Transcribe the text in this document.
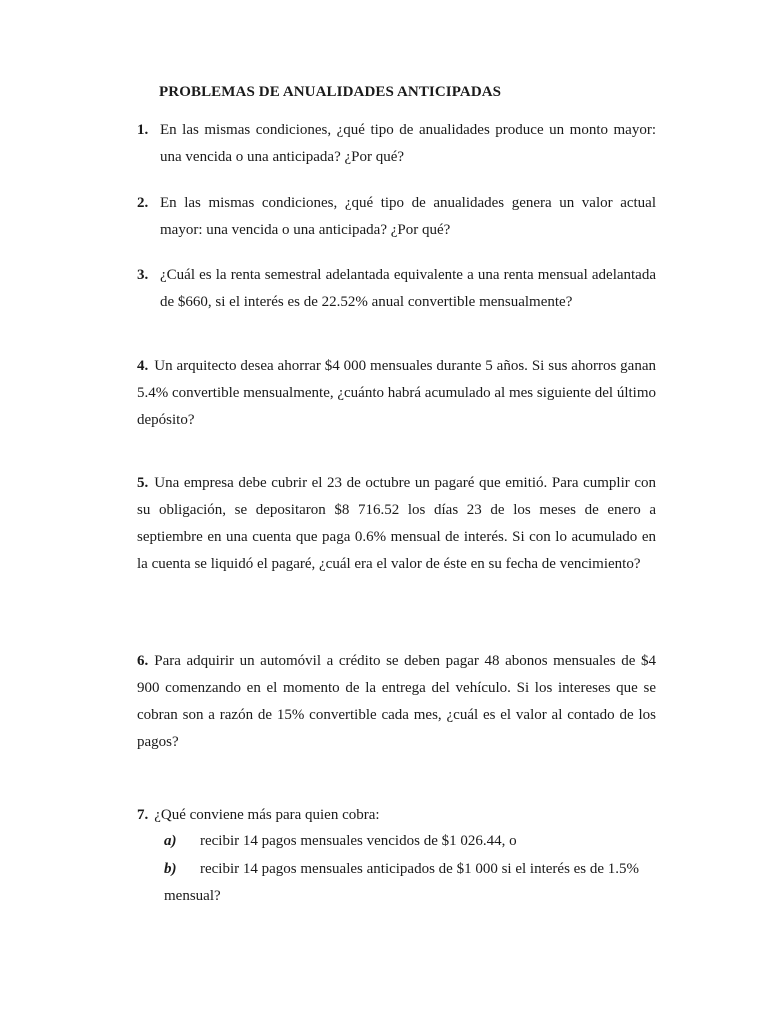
PROBLEMAS DE ANUALIDADES ANTICIPADAS
1. En las mismas condiciones, ¿qué tipo de anualidades produce un monto mayor: una vencida o una anticipada? ¿Por qué?
2. En las mismas condiciones, ¿qué tipo de anualidades genera un valor actual mayor: una vencida o una anticipada? ¿Por qué?
3. ¿Cuál es la renta semestral adelantada equivalente a una renta mensual adelantada de $660, si el interés es de 22.52% anual convertible mensualmente?
4. Un arquitecto desea ahorrar $4 000 mensuales durante 5 años. Si sus ahorros ganan 5.4% convertible mensualmente, ¿cuánto habrá acumulado al mes siguiente del último depósito?
5. Una empresa debe cubrir el 23 de octubre un pagaré que emitió. Para cumplir con su obligación, se depositaron $8 716.52 los días 23 de los meses de enero a septiembre en una cuenta que paga 0.6% mensual de interés. Si con lo acumulado en la cuenta se liquidó el pagaré, ¿cuál era el valor de éste en su fecha de vencimiento?
6. Para adquirir un automóvil a crédito se deben pagar 48 abonos mensuales de $4 900 comenzando en el momento de la entrega del vehículo. Si los intereses que se cobran son a razón de 15% convertible cada mes, ¿cuál es el valor al contado de los pagos?
7. ¿Qué conviene más para quien cobra:
a) recibir 14 pagos mensuales vencidos de $1 026.44, o
b) recibir 14 pagos mensuales anticipados de $1 000 si el interés es de 1.5% mensual?
